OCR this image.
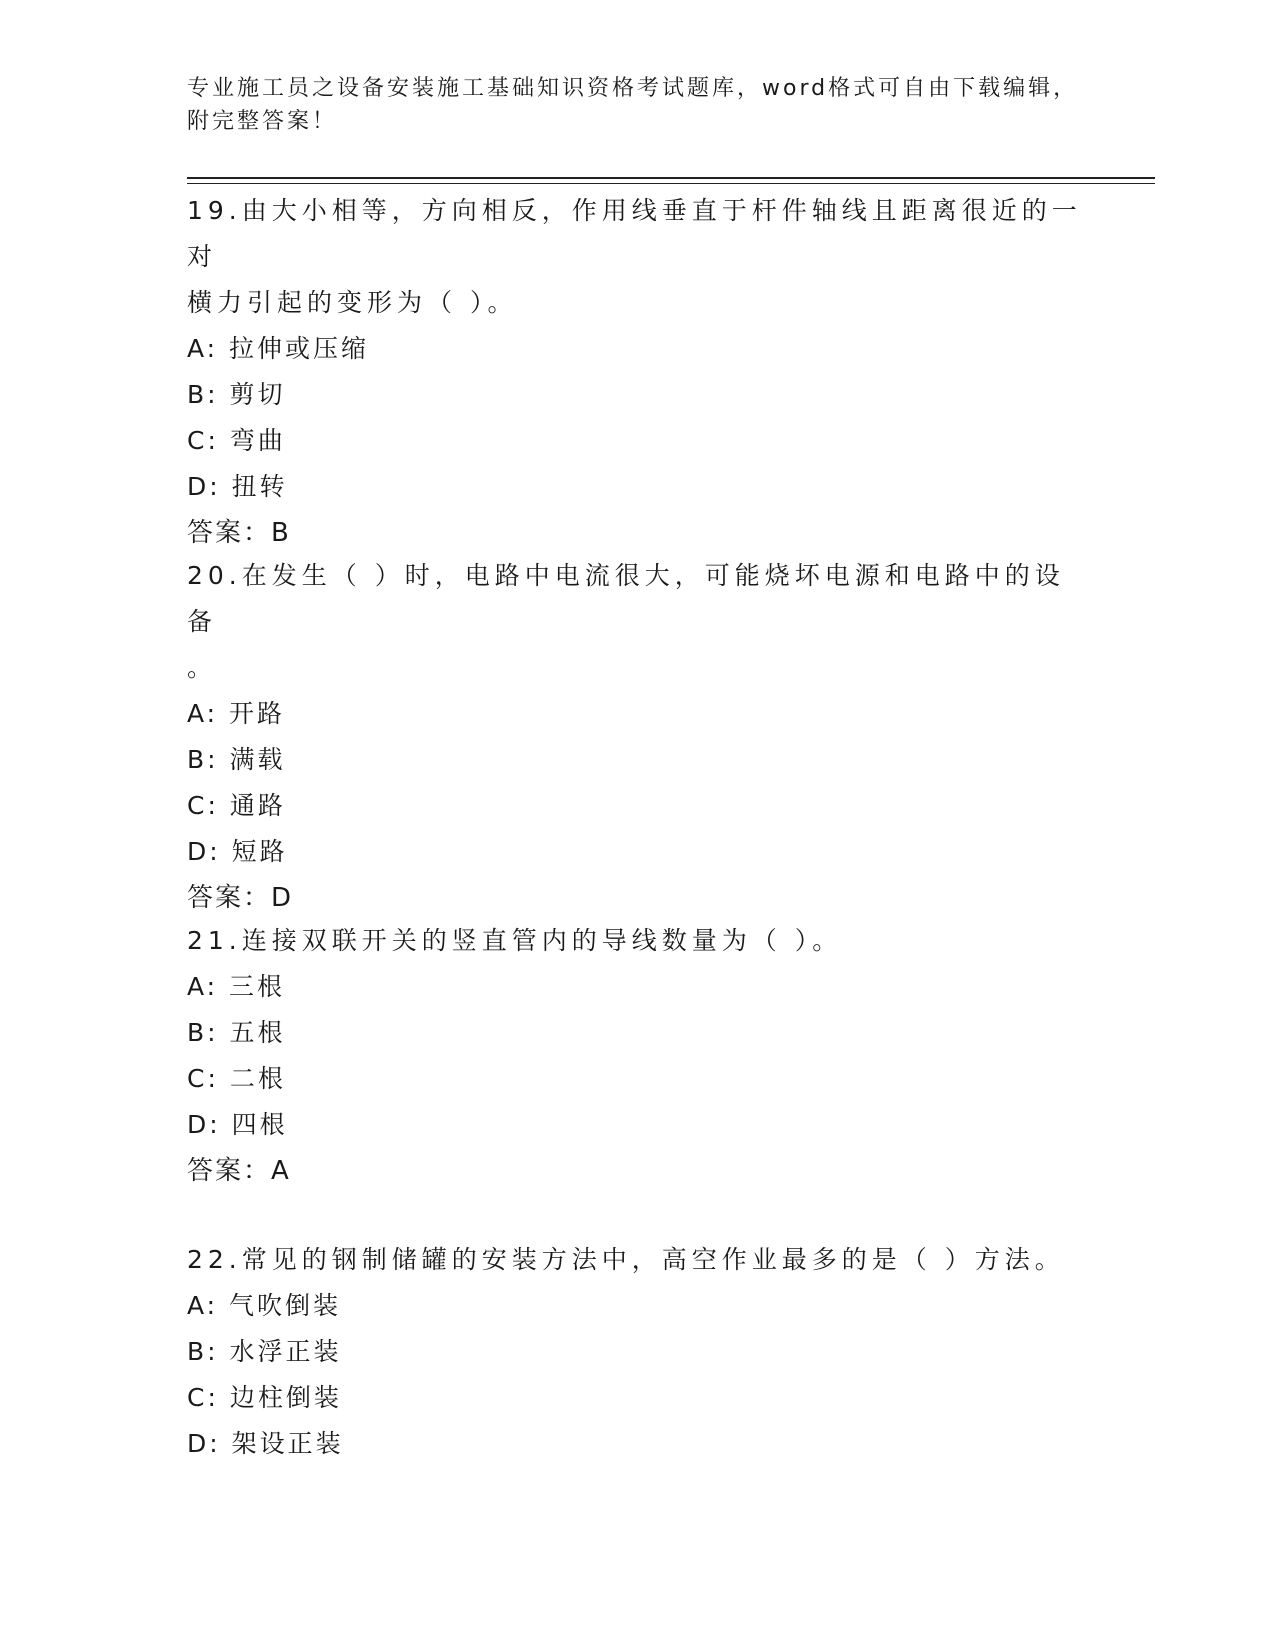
专业施工员之设备安装施工基础知识资格考试题库，word格式可自由下载编辑，
附完整答案！

19.由大小相等，方向相反，作用线垂直于杆件轴线且距离很近的一对

横力引起的变形为（ ）。

A: 拉伸或压缩

B: 剪切

C: 弯曲

D: 扭转

答案：B

20.在发生（ ）时，电路中电流很大，可能烧坏电源和电路中的设备

。

A: 开路

B: 满载

C: 通路

D: 短路

答案：D

21.连接双联开关的竖直管内的导线数量为（ ）。

A: 三根

B: 五根

C: 二根

D: 四根

答案：A

22.常见的钢制储罐的安装方法中，高空作业最多的是（ ）方法。

A: 气吹倒装

B: 水浮正装

C: 边柱倒装

D: 架设正装
